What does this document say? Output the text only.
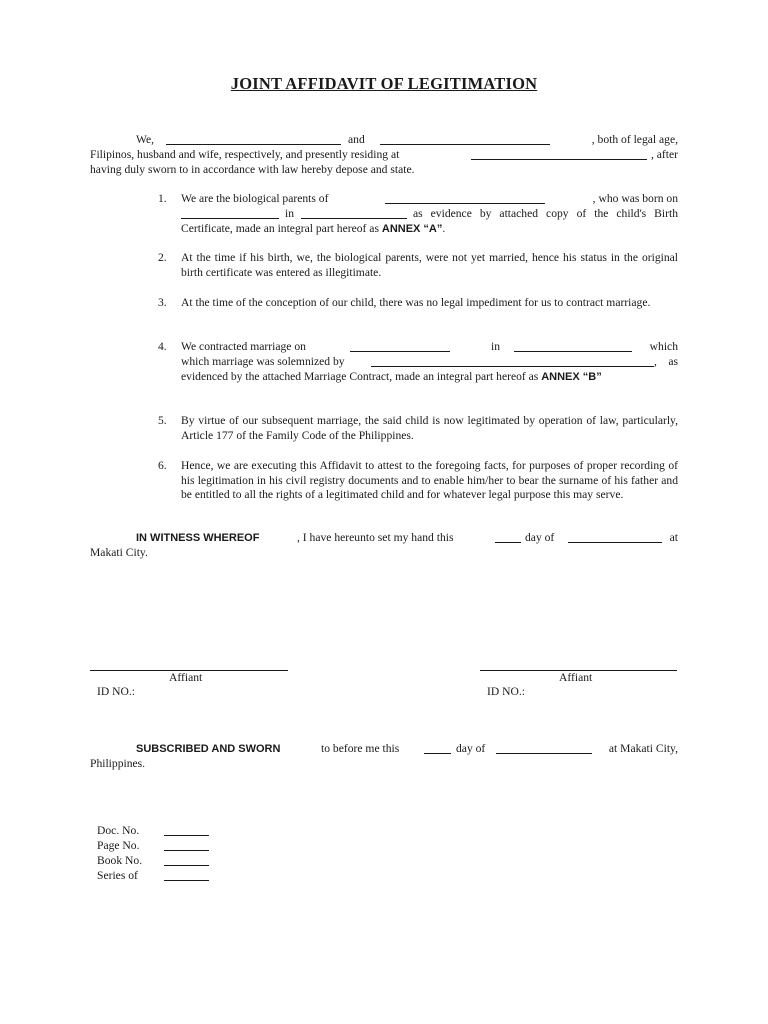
JOINT AFFIDAVIT OF LEGITIMATION
We,	and	, both of legal age,
Filipinos, husband and wife, respectively, and presently residing at	, after
having duly sworn to in accordance with law hereby depose and state.
1.	We are the biological parents of	, who was born on
in	as evidence by attached copy of the child's Birth Certificate, made an integral part hereof as ANNEX “A”.
2.	At the time if his birth, we, the biological parents, were not yet married, hence his status in the original birth certificate was entered as illegitimate.
3.	At the time of the conception of our child, there was no legal impediment for us to contract marriage.
4.	We contracted marriage on	in	which
which marriage was solemnized by	, as evidenced by the attached Marriage Contract, made an integral part hereof as ANNEX “B”
5.	By virtue of our subsequent marriage, the said child is now legitimated by operation of law, particularly, Article 177 of the Family Code of the Philippines.
6.	Hence, we are executing this Affidavit to attest to the foregoing facts, for purposes of proper recording of his legitimation in his civil registry documents and to enable him/her to bear the surname of his father and be entitled to all the rights of a legitimated child and for whatever legal purpose this may serve.
IN WITNESS WHEREOF	, I have hereunto set my hand this	day of	at
Makati City.
Affiant
ID NO.:
Affiant
ID NO.:
SUBSCRIBED AND SWORN	to before me this	day of	at Makati City,
Philippines.
Doc. No.
Page No.
Book No.
Series of
